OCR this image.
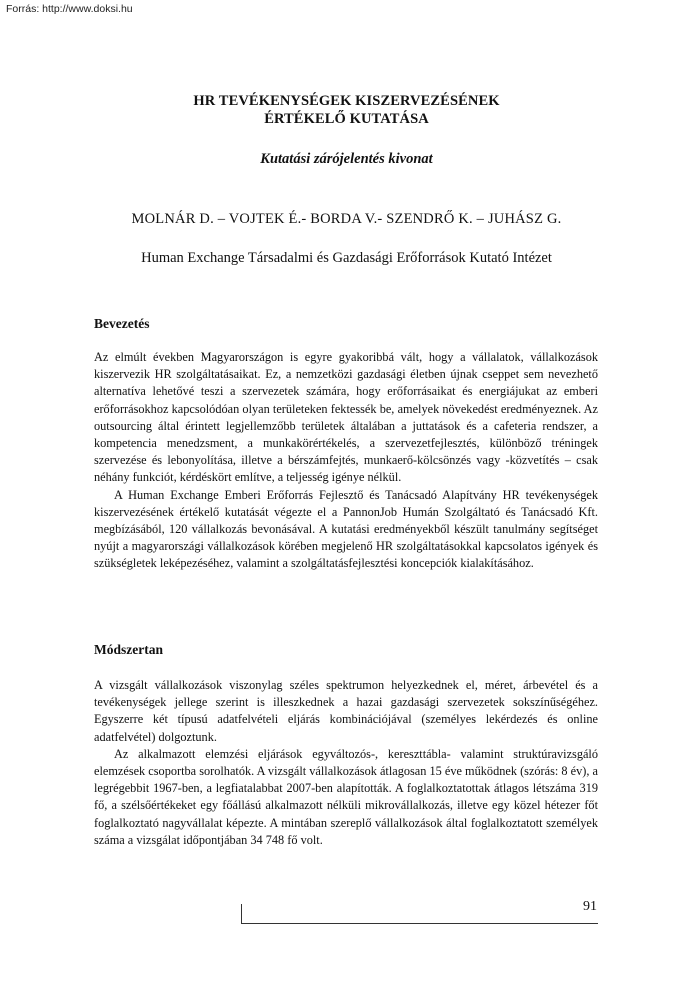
Forrás: http://www.doksi.hu
HR TEVÉKENYSÉGEK KISZERVEZÉSÉNEK
ÉRTÉKELŐ KUTATÁSA
Kutatási zárójelentés kivonat
MOLNÁR D. – VOJTEK É.- BORDA V.- SZENDRŐ K. – JUHÁSZ G.
Human Exchange Társadalmi és Gazdasági Erőforrások Kutató Intézet
Bevezetés

Az elmúlt években Magyarországon is egyre gyakoribbá vált, hogy a vállalatok, vállalkozások kiszervezik HR szolgáltatásaikat. Ez, a nemzetközi gazdasági életben újnak cseppet sem nevezhető alternatíva lehetővé teszi a szervezetek számára, hogy erőforrásaikat és energiájukat az emberi erőforrásokhoz kapcsolódóan olyan területeken fektessék be, amelyek növekedést eredményeznek. Az outsourcing által érintett legjellemzőbb területek általában a juttatások és a cafeteria rendszer, a kompetencia menedzsment, a munkakörértékelés, a szervezetfejlesztés, különböző tréningek szervezése és lebonyolítása, illetve a bérszámfejtés, munkaerő-kölcsönzés vagy -közvetítés – csak néhány funkciót, kérdéskört említve, a teljesség igénye nélkül.

A Human Exchange Emberi Erőforrás Fejlesztő és Tanácsadó Alapítvány HR tevékenységek kiszervezésének értékelő kutatását végezte el a PannonJob Humán Szolgáltató és Tanácsadó Kft. megbízásából, 120 vállalkozás bevonásával. A kutatási eredményekből készült tanulmány segítséget nyújt a magyarországi vállalkozások körében megjelenő HR szolgáltatásokkal kapcsolatos igények és szükségletek leképezéséhez, valamint a szolgáltatásfejlesztési koncepciók kialakításához.

Módszertan

A vizsgált vállalkozások viszonylag széles spektrumon helyezkednek el, méret, árbevétel és a tevékenységek jellege szerint is illeszkednek a hazai gazdasági szervezetek sokszínűségéhez. Egyszerre két típusú adatfelvételi eljárás kombinációjával (személyes lekérdezés és online adatfelvétel) dolgoztunk.

Az alkalmazott elemzési eljárások egyváltozós-, kereszttábla- valamint struktúravizsgáló elemzések csoportba sorolhatók. A vizsgált vállalkozások átlagosan 15 éve működnek (szórás: 8 év), a legrégebbit 1967-ben, a legfiatalabbat 2007-ben alapították. A foglalkoztatottak átlagos létszáma 319 fő, a szélsőértékeket egy főállású alkalmazott nélküli mikrovállalkozás, illetve egy közel hétezer főt foglalkoztató nagyvállalat képezte. A mintában szereplő vállalkozások által foglalkoztatott személyek száma a vizsgálat időpontjában 34 748 fő volt.

91
